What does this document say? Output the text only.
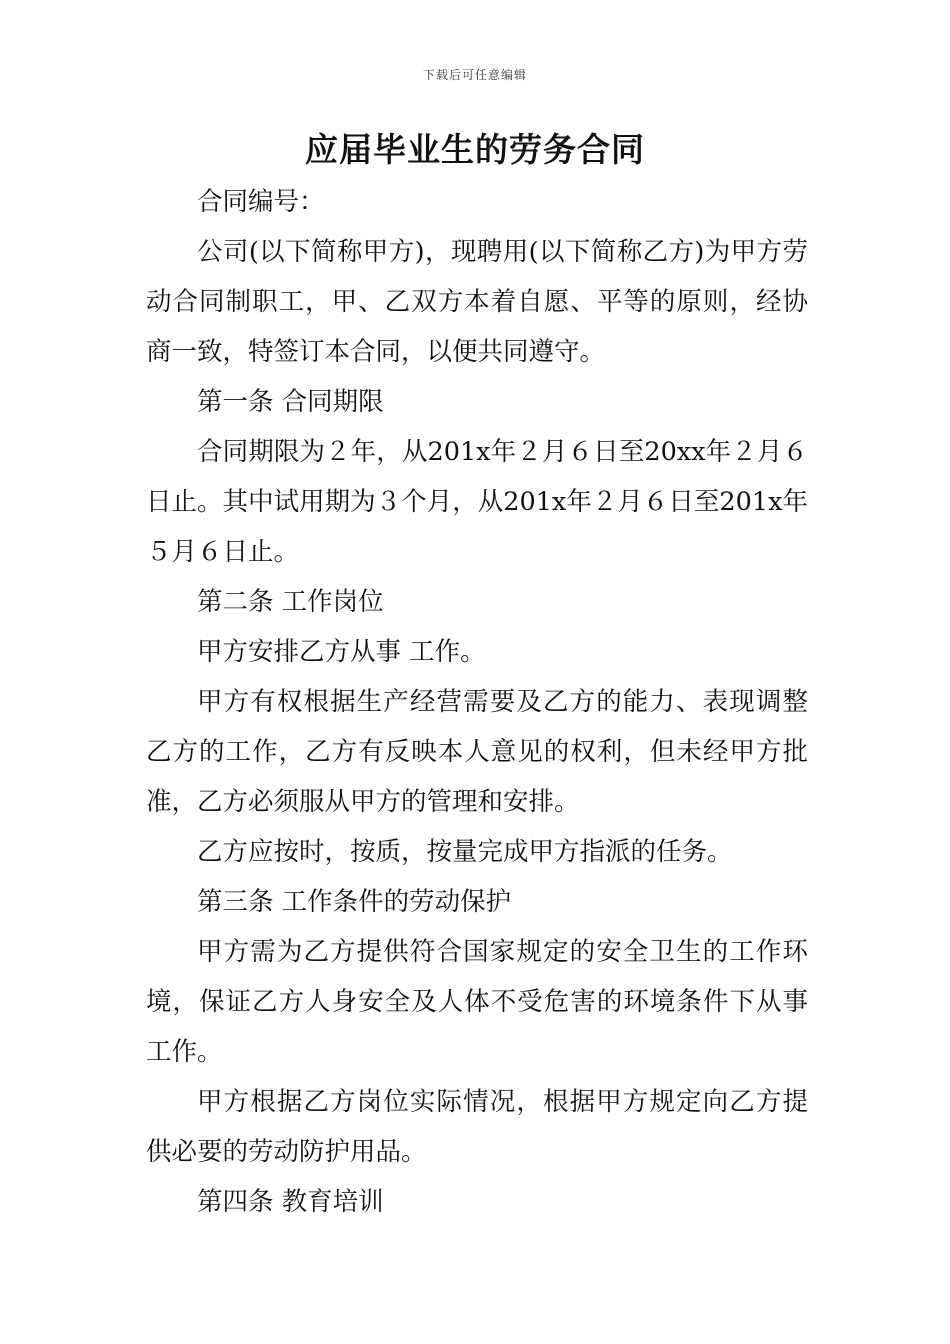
下载后可任意编辑
应届毕业生的劳务合同

合同编号：

公司(以下简称甲方)，现聘用(以下简称乙方)为甲方劳动合同制职工，甲、乙双方本着自愿、平等的原则，经协商一致，特签订本合同，以便共同遵守。

第一条 合同期限

合同期限为２年，从201x年２月６日至20xx年２月６日止。其中试用期为３个月，从201x年２月６日至201x年５月６日止。

第二条 工作岗位

甲方安排乙方从事 工作。

甲方有权根据生产经营需要及乙方的能力、表现调整乙方的工作，乙方有反映本人意见的权利，但未经甲方批准，乙方必须服从甲方的管理和安排。

乙方应按时，按质，按量完成甲方指派的任务。

第三条 工作条件的劳动保护

甲方需为乙方提供符合国家规定的安全卫生的工作环境，保证乙方人身安全及人体不受危害的环境条件下从事工作。

甲方根据乙方岗位实际情况，根据甲方规定向乙方提供必要的劳动防护用品。

第四条 教育培训
